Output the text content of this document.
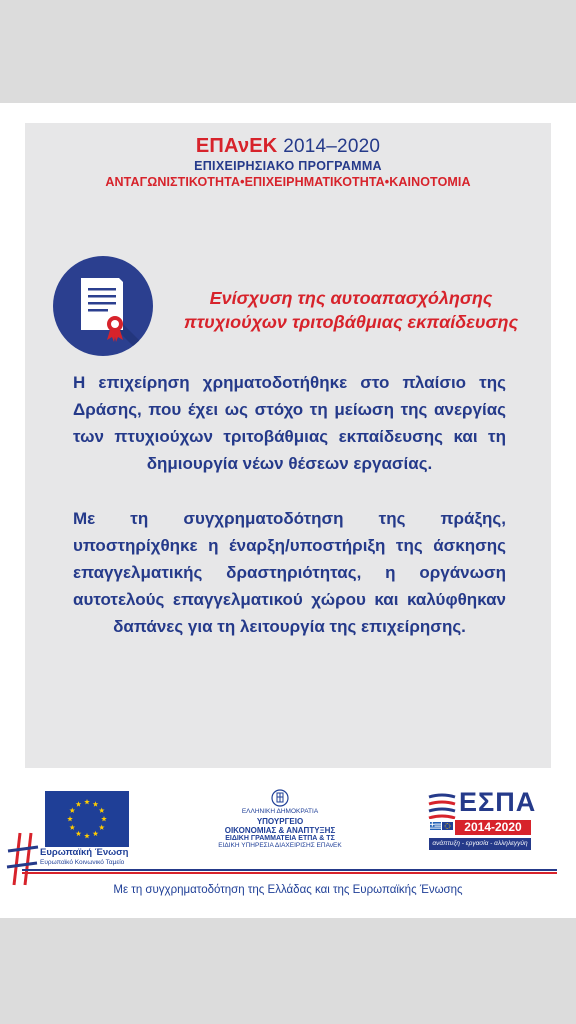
ΕΠΑνΕΚ 2014–2020
ΕΠΙΧΕΙΡΗΣΙΑΚΟ ΠΡΟΓΡΑΜΜΑ
ΑΝΤΑΓΩΝΙΣΤΙΚΟΤΗΤΑ•ΕΠΙΧΕΙΡΗΜΑΤΙΚΟΤΗΤΑ•ΚΑΙΝΟΤΟΜΙΑ
Ενίσχυση της αυτοαπασχόλησης
πτυχιούχων τριτοβάθμιας εκπαίδευσης
Η επιχείρηση χρηματοδοτήθηκε στο πλαίσιο της Δράσης, που έχει ως στόχο τη μείωση της ανεργίας των πτυχιούχων τριτοβάθμιας εκπαίδευσης και τη δημιουργία νέων θέσεων εργασίας.
Με τη συγχρηματοδότηση της πράξης, υποστηρίχθηκε η έναρξη/υποστήριξη της άσκησης επαγγελματικής δραστηριότητας, η οργάνωση αυτοτελούς επαγγελματικού χώρου και καλύφθηκαν δαπάνες για τη λειτουργία της επιχείρησης.
Ευρωπαϊκή Ένωση
Ευρωπαϊκό Κοινωνικό Ταμείο
ΕΛΛΗΝΙΚΗ ΔΗΜΟΚΡΑΤΙΑ
ΥΠΟΥΡΓΕΙΟ
ΟΙΚΟΝΟΜΙΑΣ & ΑΝΑΠΤΥΞΗΣ
ΕΙΔΙΚΗ ΓΡΑΜΜΑΤΕΙΑ ΕΤΠΑ & ΤΣ
ΕΙΔΙΚΗ ΥΠΗΡΕΣΙΑ ΔΙΑΧΕΙΡΙΣΗΣ ΕΠΑνΕΚ
ΕΣΠΑ
2014-2020
ανάπτυξη - εργασία - αλληλεγγύη
Με τη συγχρηματοδότηση της Ελλάδας και της Ευρωπαϊκής Ένωσης
